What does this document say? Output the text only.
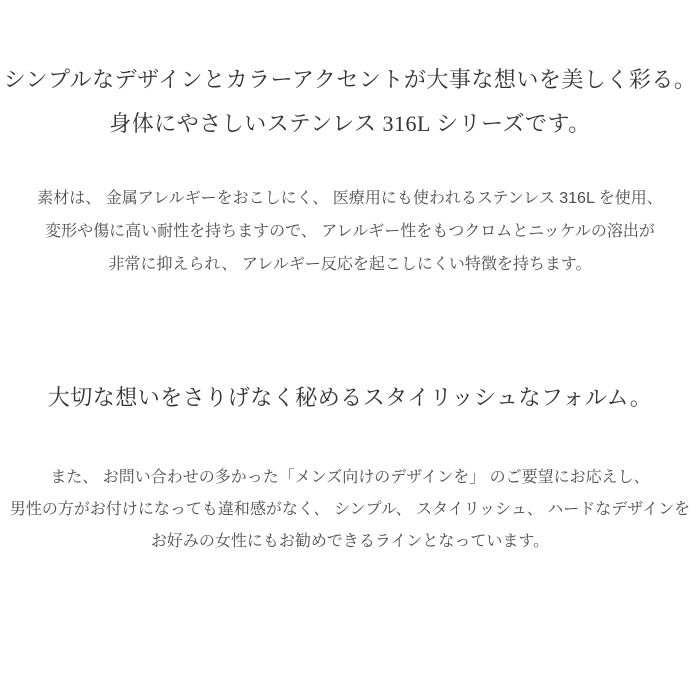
シンプルなデザインとカラーアクセントが大事な想いを美しく彩る。
身体にやさしいステンレス 316L シリーズです。
素材は、 金属アレルギーをおこしにく、 医療用にも使われるステンレス 316L を使用、
変形や傷に高い耐性を持ちますので、 アレルギー性をもつクロムとニッケルの溶出が
非常に抑えられ、 アレルギー反応を起こしにくい特徴を持ちます。
大切な想いをさりげなく秘めるスタイリッシュなフォルム。
また、 お問い合わせの多かった「メンズ向けのデザインを」 のご要望にお応えし、
男性の方がお付けになっても違和感がなく、 シンプル、 スタイリッシュ、 ハードなデザインを
お好みの女性にもお勧めできるラインとなっています。
